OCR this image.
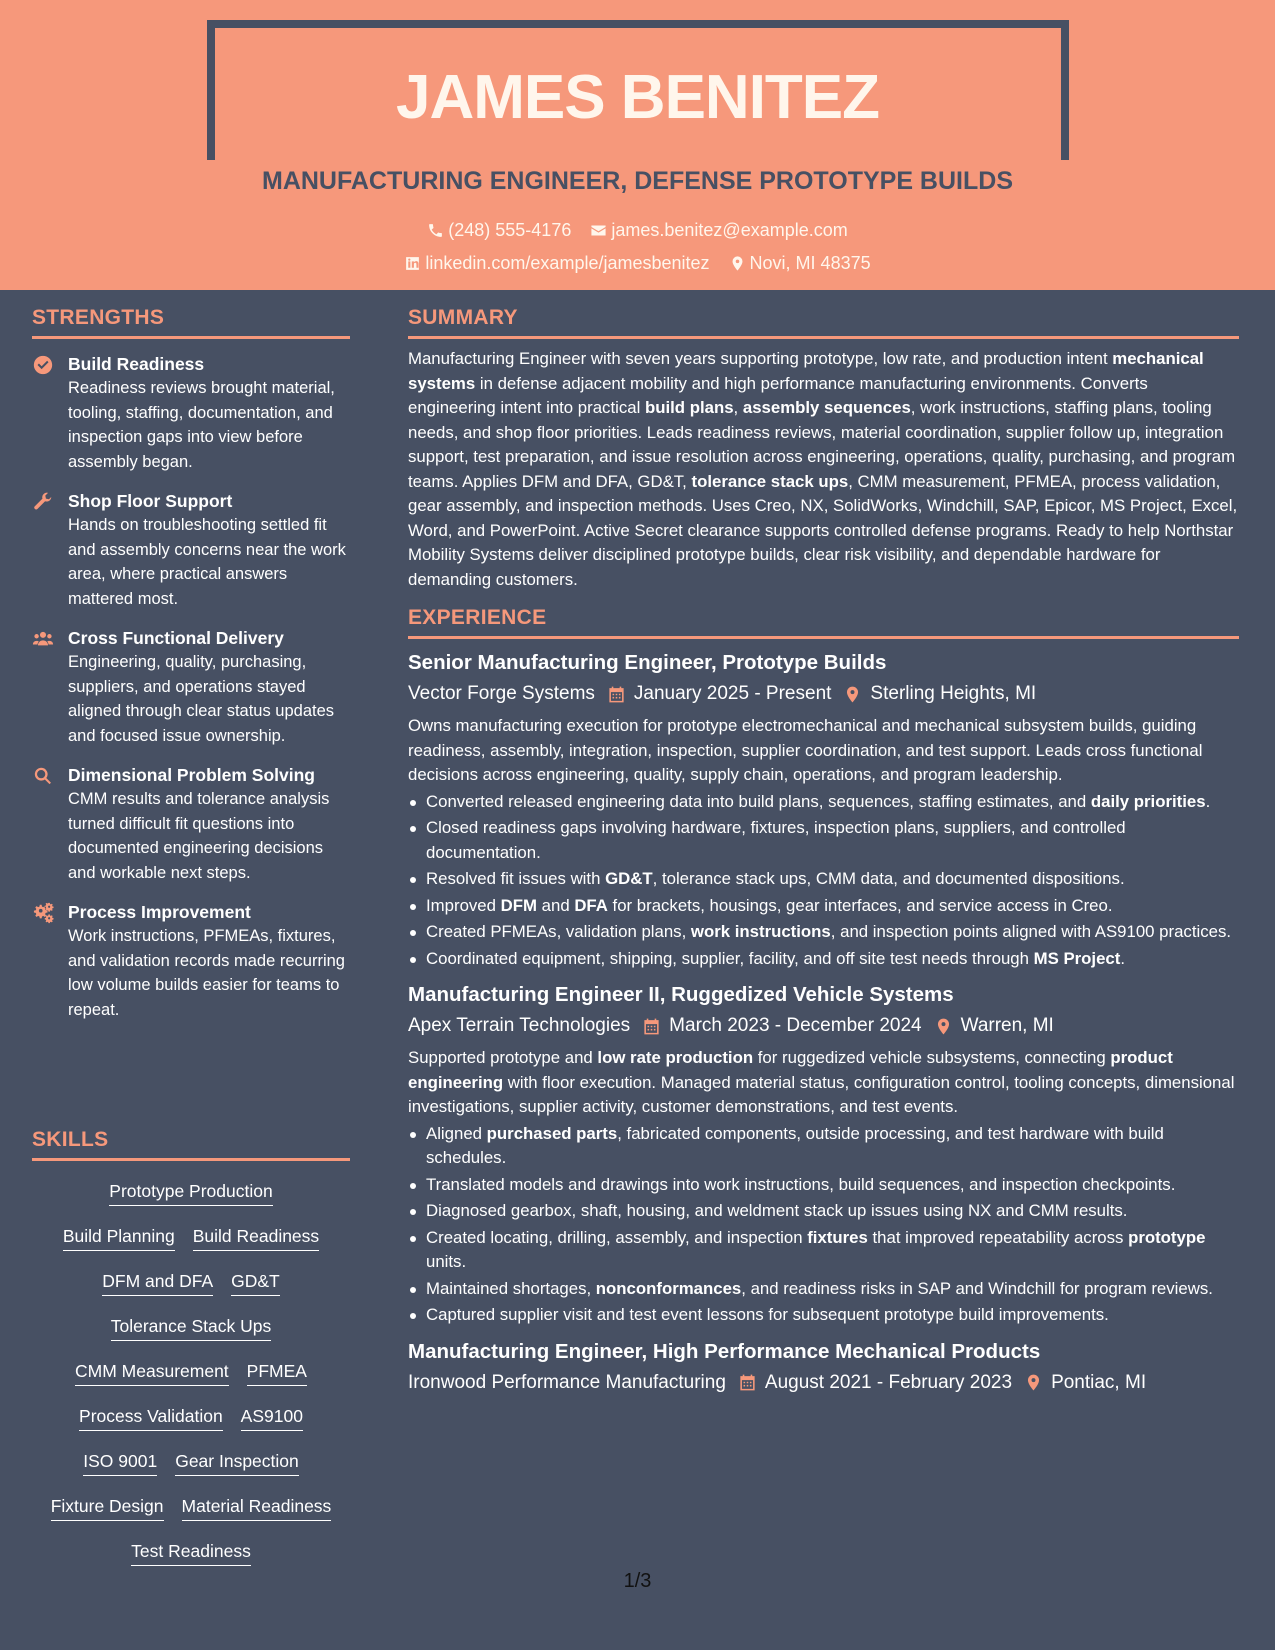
JAMES BENITEZ
MANUFACTURING ENGINEER, DEFENSE PROTOTYPE BUILDS
(248) 555-4176
james.benitez@example.com
linkedin.com/example/jamesbenitez
Novi, MI 48375
STRENGTHS
Build Readiness
Readiness reviews brought material, tooling, staffing, documentation, and inspection gaps into view before assembly began.
Shop Floor Support
Hands on troubleshooting settled fit and assembly concerns near the work area, where practical answers mattered most.
Cross Functional Delivery
Engineering, quality, purchasing, suppliers, and operations stayed aligned through clear status updates and focused issue ownership.
Dimensional Problem Solving
CMM results and tolerance analysis turned difficult fit questions into documented engineering decisions and workable next steps.
Process Improvement
Work instructions, PFMEAs, fixtures, and validation records made recurring low volume builds easier for teams to repeat.
SKILLS
Prototype Production
Build Planning Build Readiness
DFM and DFA GD&T
Tolerance Stack Ups
CMM Measurement PFMEA
Process Validation AS9100
ISO 9001 Gear Inspection
Fixture Design Material Readiness
Test Readiness
SUMMARY

Manufacturing Engineer with seven years supporting prototype, low rate, and production intent mechanical systems in defense adjacent mobility and high performance manufacturing environments. Converts engineering intent into practical build plans, assembly sequences, work instructions, staffing plans, tooling needs, and shop floor priorities. Leads readiness reviews, material coordination, supplier follow up, integration support, test preparation, and issue resolution across engineering, operations, quality, purchasing, and program teams. Applies DFM and DFA, GD&T, tolerance stack ups, CMM measurement, PFMEA, process validation, gear assembly, and inspection methods. Uses Creo, NX, SolidWorks, Windchill, SAP, Epicor, MS Project, Excel, Word, and PowerPoint. Active Secret clearance supports controlled defense programs. Ready to help Northstar Mobility Systems deliver disciplined prototype builds, clear risk visibility, and dependable hardware for demanding customers.

EXPERIENCE
Senior Manufacturing Engineer, Prototype Builds
Vector Forge Systems January 2025 - Present Sterling Heights, MI

Owns manufacturing execution for prototype electromechanical and mechanical subsystem builds, guiding readiness, assembly, integration, inspection, supplier coordination, and test support. Leads cross functional decisions across engineering, quality, supply chain, operations, and program leadership.

Converted released engineering data into build plans, sequences, staffing estimates, and daily priorities.
Closed readiness gaps involving hardware, fixtures, inspection plans, suppliers, and controlled documentation.
Resolved fit issues with GD&T, tolerance stack ups, CMM data, and documented dispositions.
Improved DFM and DFA for brackets, housings, gear interfaces, and service access in Creo.
Created PFMEAs, validation plans, work instructions, and inspection points aligned with AS9100 practices.
Coordinated equipment, shipping, supplier, facility, and off site test needs through MS Project.
Manufacturing Engineer II, Ruggedized Vehicle Systems
Apex Terrain Technologies March 2023 - December 2024 Warren, MI

Supported prototype and low rate production for ruggedized vehicle subsystems, connecting product engineering with floor execution. Managed material status, configuration control, tooling concepts, dimensional investigations, supplier activity, customer demonstrations, and test events.

Aligned purchased parts, fabricated components, outside processing, and test hardware with build schedules.
Translated models and drawings into work instructions, build sequences, and inspection checkpoints.
Diagnosed gearbox, shaft, housing, and weldment stack up issues using NX and CMM results.
Created locating, drilling, assembly, and inspection fixtures that improved repeatability across prototype units.
Maintained shortages, nonconformances, and readiness risks in SAP and Windchill for program reviews.
Captured supplier visit and test event lessons for subsequent prototype build improvements.
Manufacturing Engineer, High Performance Mechanical Products
Ironwood Performance Manufacturing August 2021 - February 2023 Pontiac, MI
1/3
